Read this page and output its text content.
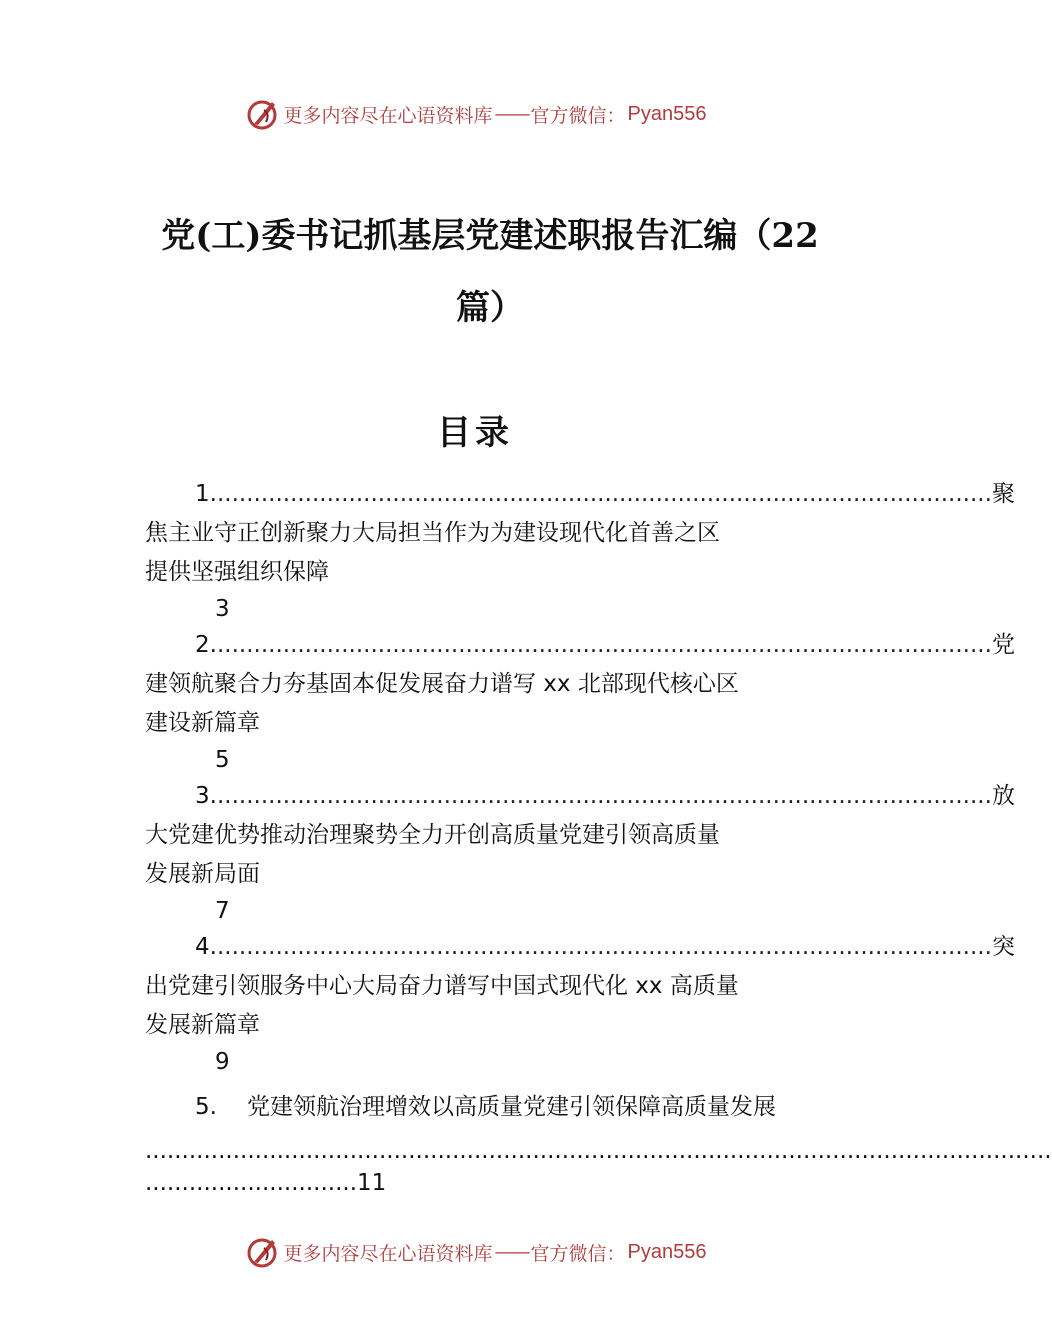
更多内容尽在心语资料库 —— 官方微信： Pyan556
党(工)委书记抓基层党建述职报告汇编（22篇）
目录
1. .......................................................................................................... 聚
焦主业守正创新聚力大局担当作为为建设现代化首善之区
提供坚强组织保障
3
2. .......................................................................................................... 党
建领航聚合力夯基固本促发展奋力谱写 xx 北部现代核心区
建设新篇章
5
3. .......................................................................................................... 放
大党建优势推动治理聚势全力开创高质量党建引领高质量
发展新局面
7
4. .......................................................................................................... 突
出党建引领服务中心大局奋力谱写中国式现代化 xx 高质量
发展新篇章
9
5. 党建领航治理增效以高质量党建引领保障高质量发展
............................................................................................................................
.............................11
更多内容尽在心语资料库 —— 官方微信： Pyan556
